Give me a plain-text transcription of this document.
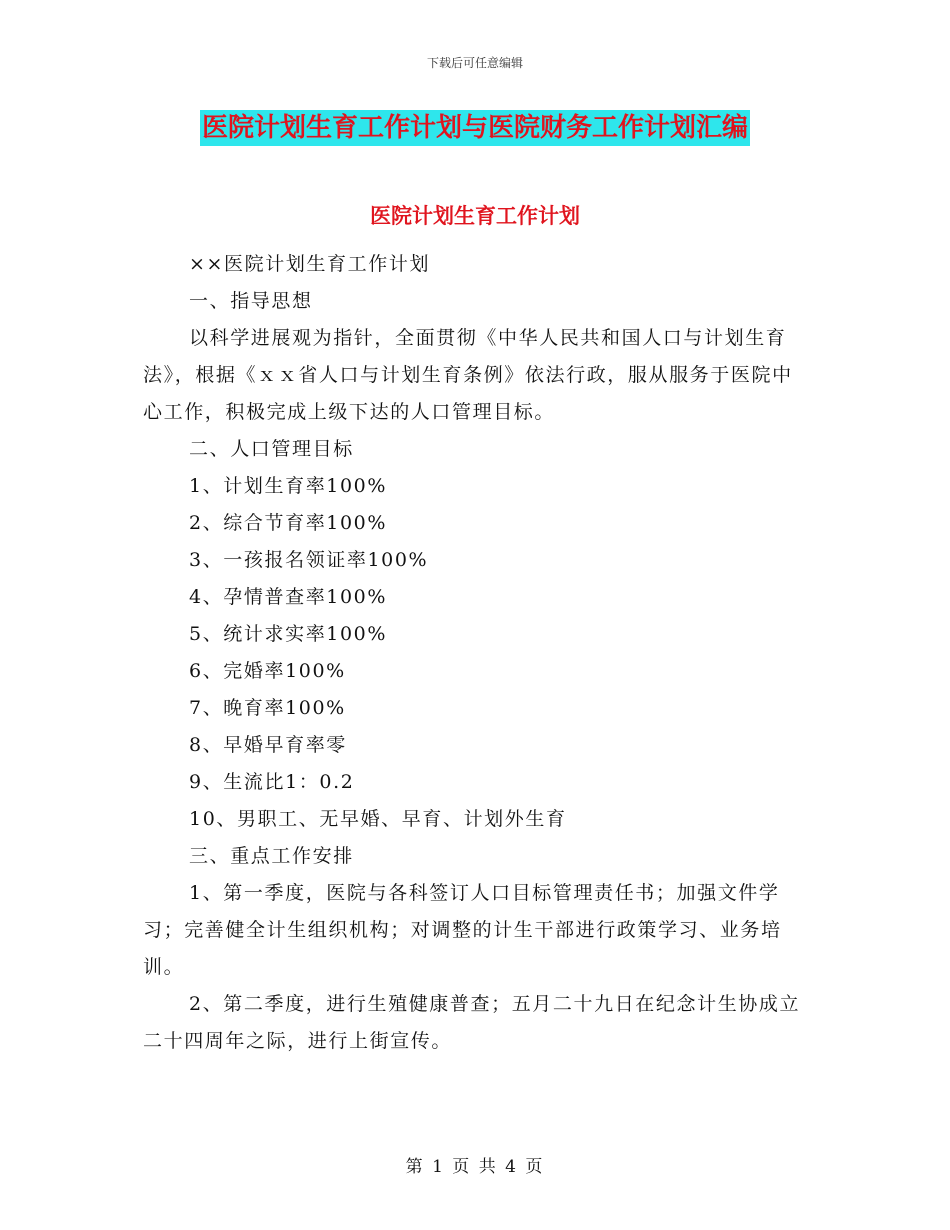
下载后可任意编辑
医院计划生育工作计划与医院财务工作计划汇编
医院计划生育工作计划

××医院计划生育工作计划

一、指导思想

以科学进展观为指针，全面贯彻《中华人民共和国人口与计划生育法》，根据《ｘｘ省人口与计划生育条例》依法行政，服从服务于医院中心工作，积极完成上级下达的人口管理目标。

二、人口管理目标

1、计划生育率100%

2、综合节育率100%

3、一孩报名领证率100%

4、孕情普查率100%

5、统计求实率100%

6、完婚率100%

7、晚育率100%

8、早婚早育率零

9、生流比1：0.2

10、男职工、无早婚、早育、计划外生育

三、重点工作安排

1、第一季度，医院与各科签订人口目标管理责任书；加强文件学习；完善健全计生组织机构；对调整的计生干部进行政策学习、业务培训。

2、第二季度，进行生殖健康普查；五月二十九日在纪念计生协成立二十四周年之际，进行上街宣传。

第 1 页 共 4 页
